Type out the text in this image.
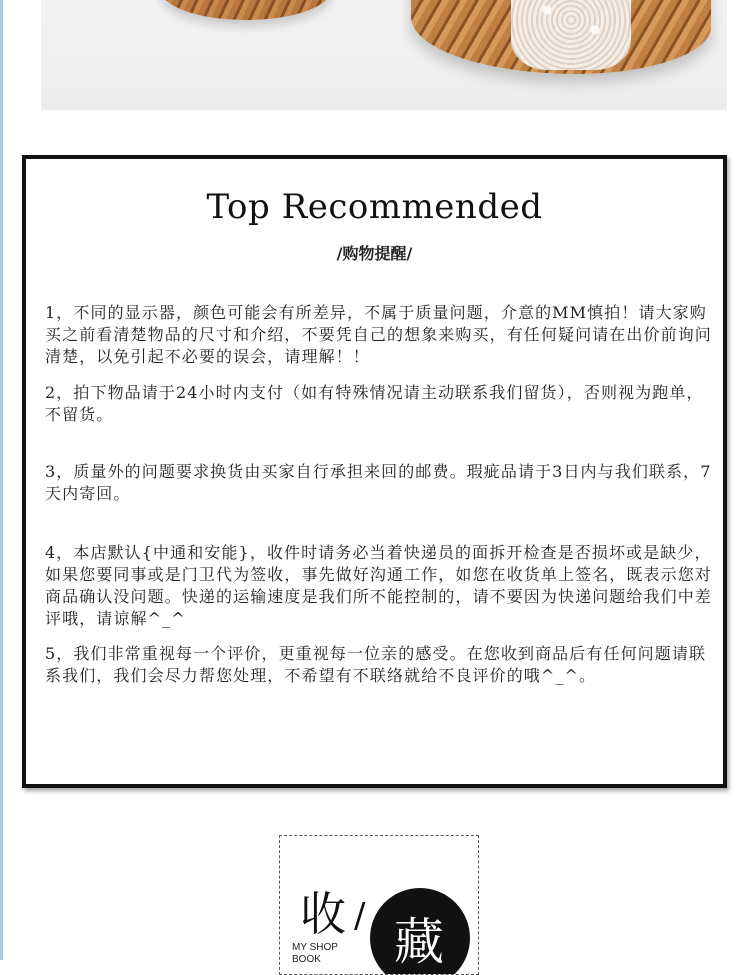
Top Recommended
/购物提醒/
1，不同的显示器，颜色可能会有所差异，不属于质量问题，介意的MM慎拍！请大家购买之前看清楚物品的尺寸和介绍，不要凭自己的想象来购买，有任何疑问请在出价前询问清楚，以免引起不必要的误会，请理解！！
2，拍下物品请于24小时内支付（如有特殊情况请主动联系我们留货），否则视为跑单，不留货。
3，质量外的问题要求换货由买家自行承担来回的邮费。瑕疵品请于3日内与我们联系，7天内寄回。
4，本店默认{中通和安能}，收件时请务必当着快递员的面拆开检查是否损坏或是缺少，如果您要同事或是门卫代为签收，事先做好沟通工作，如您在收货单上签名，既表示您对商品确认没问题。快递的运输速度是我们所不能控制的，请不要因为快递问题给我们中差评哦，请谅解^_^
5，我们非常重视每一个评价，更重视每一位亲的感受。在您收到商品后有任何问题请联系我们，我们会尽力帮您处理，不希望有不联络就给不良评价的哦^_^。
收 / 藏
MY SHOP
BOOK
